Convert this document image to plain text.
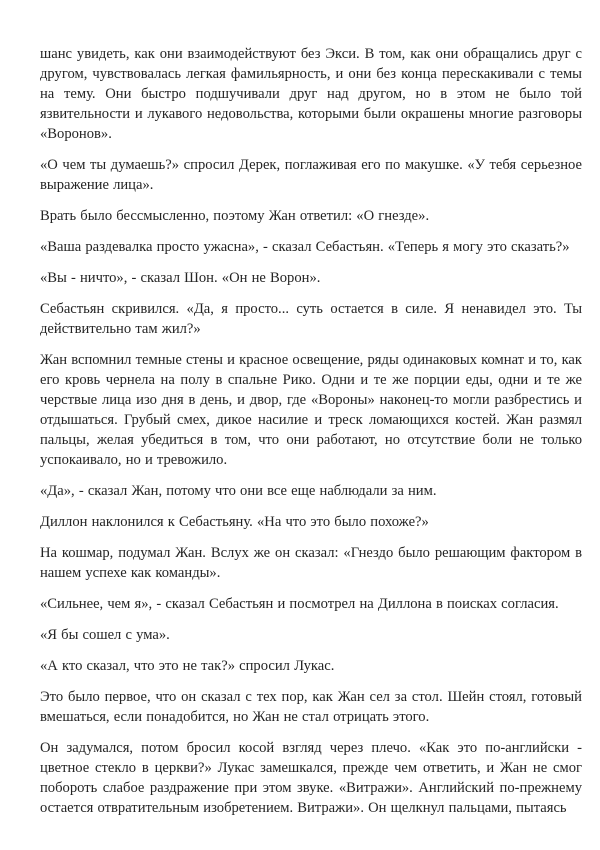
шанс увидеть, как они взаимодействуют без Экси. В том, как они обращались друг с другом, чувствовалась легкая фамильярность, и они без конца перескакивали с темы на тему. Они быстро подшучивали друг над другом, но в этом не было той язвительности и лукавого недовольства, которыми были окрашены многие разговоры «Воронов».

«О чем ты думаешь?» спросил Дерек, поглаживая его по макушке. «У тебя серьезное выражение лица».

Врать было бессмысленно, поэтому Жан ответил: «О гнезде».

«Ваша раздевалка просто ужасна», - сказал Себастьян. «Теперь я могу это сказать?»

«Вы - ничто», - сказал Шон. «Он не Ворон».

Себастьян скривился. «Да, я просто... суть остается в силе. Я ненавидел это. Ты действительно там жил?»

Жан вспомнил темные стены и красное освещение, ряды одинаковых комнат и то, как его кровь чернела на полу в спальне Рико. Одни и те же порции еды, одни и те же черствые лица изо дня в день, и двор, где «Вороны» наконец-то могли разбрестись и отдышаться. Грубый смех, дикое насилие и треск ломающихся костей. Жан размял пальцы, желая убедиться в том, что они работают, но отсутствие боли не только успокаивало, но и тревожило.

«Да», - сказал Жан, потому что они все еще наблюдали за ним.

Диллон наклонился к Себастьяну. «На что это было похоже?»

На кошмар, подумал Жан. Вслух же он сказал: «Гнездо было решающим фактором в нашем успехе как команды».

«Сильнее, чем я», - сказал Себастьян и посмотрел на Диллона в поисках согласия.

«Я бы сошел с ума».

«А кто сказал, что это не так?» спросил Лукас.

Это было первое, что он сказал с тех пор, как Жан сел за стол. Шейн стоял, готовый вмешаться, если понадобится, но Жан не стал отрицать этого.

Он задумался, потом бросил косой взгляд через плечо. «Как это по-английски - цветное стекло в церкви?» Лукас замешкался, прежде чем ответить, и Жан не смог побороть слабое раздражение при этом звуке. «Витражи». Английский по-прежнему остается отвратительным изобретением. Витражи». Он щелкнул пальцами, пытаясь
